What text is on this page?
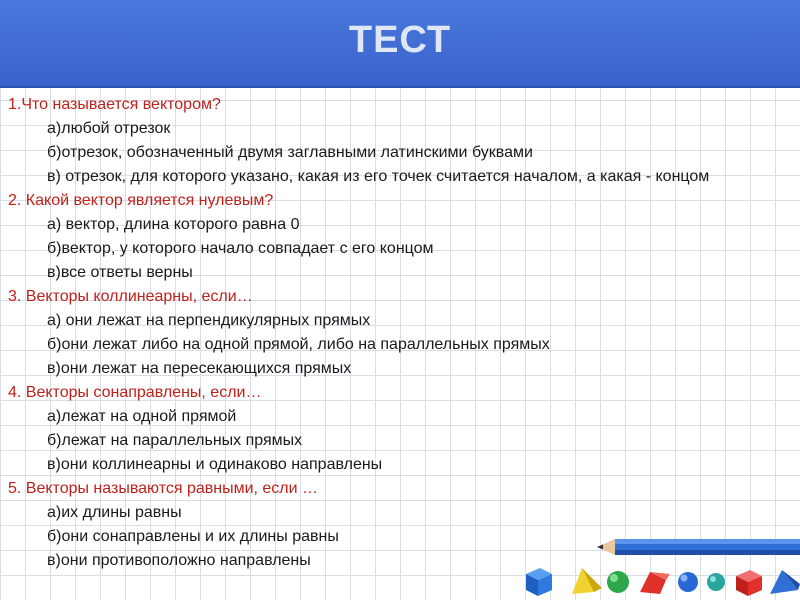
ТЕСТ
1.Что называется вектором?
а)любой отрезок
б)отрезок, обозначенный двумя заглавными латинскими буквами
в) отрезок, для которого указано, какая из его точек считается началом, а какая - концом
2. Какой вектор является нулевым?
а) вектор, длина которого равна 0
б)вектор, у которого начало совпадает с его концом
в)все ответы верны
3. Векторы коллинеарны, если…
а) они лежат на перпендикулярных прямых
б)они лежат либо на одной прямой, либо на параллельных прямых
в)они лежат на пересекающихся прямых
4. Векторы сонаправлены, если…
а)лежат на одной прямой
б)лежат на параллельных прямых
в)они коллинеарны и одинаково направлены
5. Векторы называются равными, если …
а)их длины равны
б)они сонаправлены и их длины равны
в)они противоположно направлены
